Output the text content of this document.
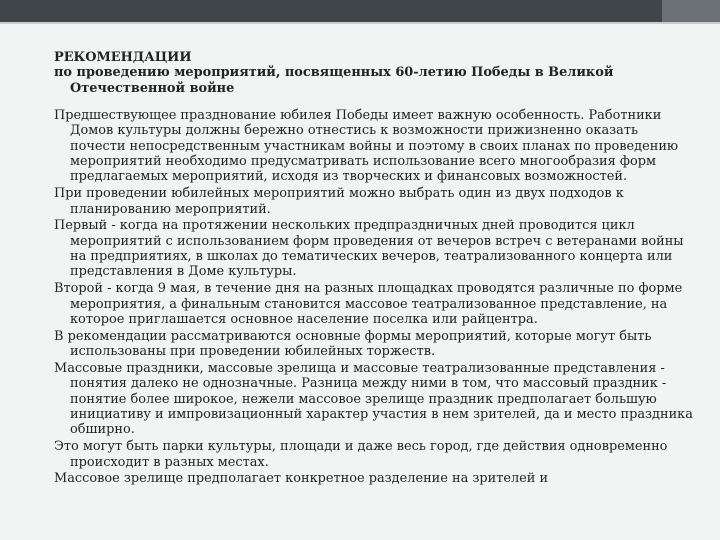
РЕКОМЕНДАЦИИ
по проведению мероприятий, посвященных 60-летию Победы в Великой Отечественной войне

Предшествующее празднование юбилея Победы имеет важную особенность. Работники Домов культуры должны бережно отнестись к возможности прижизненно оказать почести непосредственным участникам войны и поэтому в своих планах по проведению мероприятий необходимо предусматривать использование всего многообразия форм предлагаемых мероприятий, исходя из творческих и финансовых возможностей.

При проведении юбилейных мероприятий можно выбрать один из двух подходов к планированию мероприятий.

Первый - когда на протяжении нескольких предпраздничных дней проводится цикл мероприятий с использованием форм проведения от вечеров встреч с ветеранами войны на предприятиях, в школах до тематических вечеров, театрализованного концерта или представления в Доме культуры.

Второй - когда 9 мая, в течение дня на разных площадках проводятся различные по форме мероприятия, а финальным становится массовое театрализованное представление, на которое приглашается основное население поселка или райцентра.

В рекомендации рассматриваются основные формы мероприятий, которые могут быть использованы при проведении юбилейных торжеств.

Массовые праздники, массовые зрелища и массовые театрализованные представления - понятия далеко не однозначные. Разница между ними в том, что массовый праздник - понятие более широкое, нежели массовое зрелище праздник предполагает большую инициативу и импровизационный характер участия в нем зрителей, да и место праздника обширно.

Это могут быть парки культуры, площади и даже весь город, где действия одновременно происходит в разных местах.

Массовое зрелище предполагает конкретное разделение на зрителей и
